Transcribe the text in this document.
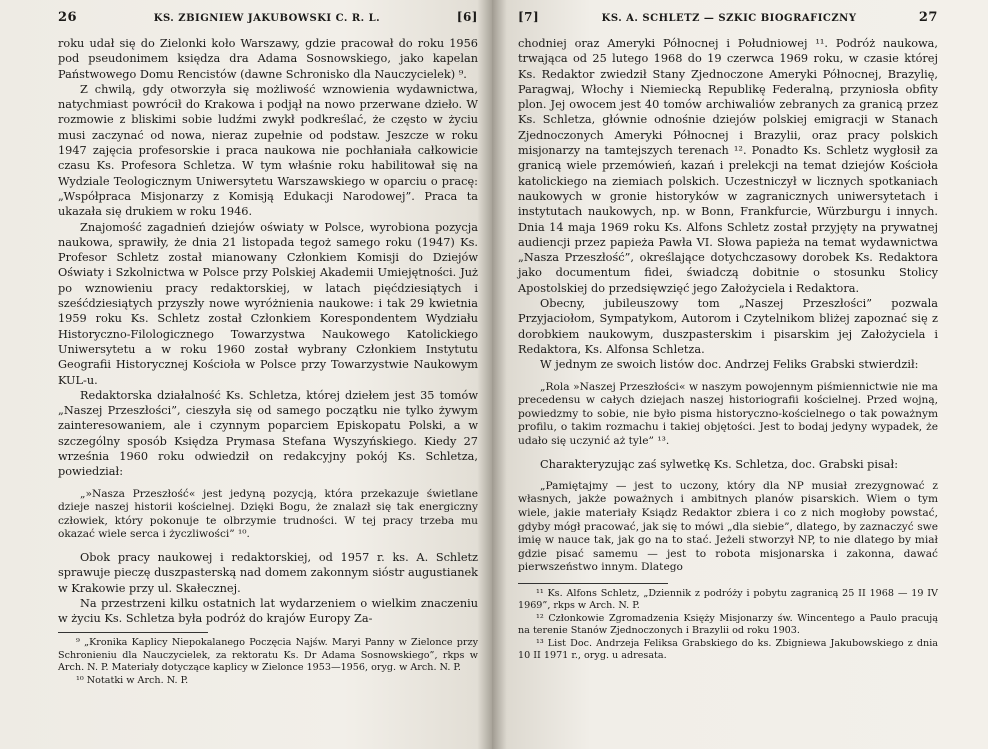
26	KS. ZBIGNIEW JAKUBOWSKI C. R. L.	[6]

roku udał się do Zielonki koło Warszawy, gdzie pracował do roku 1956 pod pseudonimem księdza dra Adama Sosnowskiego, jako kapelan Państwowego Domu Rencistów (dawne Schronisko dla Nauczycielek) ⁹.

Z chwilą, gdy otworzyła się możliwość wznowienia wydawnictwa, natychmiast powrócił do Krakowa i podjął na nowo przerwane dzieło. W rozmowie z bliskimi sobie ludźmi zwykł podkreślać, że często w życiu musi zaczynać od nowa, nieraz zupełnie od podstaw. Jeszcze w roku 1947 zajęcia profesorskie i praca naukowa nie pochłaniała całkowicie czasu Ks. Profesora Schletza. W tym właśnie roku habilitował się na Wydziale Teologicznym Uniwersytetu Warszawskiego w oparciu o pracę: „Współpraca Misjonarzy z Komisją Edukacji Narodowej”. Praca ta ukazała się drukiem w roku 1946.

Znajomość zagadnień dziejów oświaty w Polsce, wyrobiona pozycja naukowa, sprawiły, że dnia 21 listopada tegoż samego roku (1947) Ks. Profesor Schletz został mianowany Członkiem Komisji do Dziejów Oświaty i Szkolnictwa w Polsce przy Polskiej Akademii Umiejętności. Już po wznowieniu pracy redaktorskiej, w latach pięćdziesiątych i sześćdziesiątych przyszły nowe wyróżnienia naukowe: i tak 29 kwietnia 1959 roku Ks. Schletz został Członkiem Korespondentem Wydziału Historyczno-Filologicznego Towarzystwa Naukowego Katolickiego Uniwersytetu a w roku 1960 został wybrany Członkiem Instytutu Geografii Historycznej Kościoła w Polsce przy Towarzystwie Naukowym KUL-u.

Redaktorska działalność Ks. Schletza, której dziełem jest 35 tomów „Naszej Przeszłości”, cieszyła się od samego początku nie tylko żywym zainteresowaniem, ale i czynnym poparciem Episkopatu Polski, a w szczególny sposób Księdza Prymasa Stefana Wyszyńskiego. Kiedy 27 września 1960 roku odwiedził on redakcyjny pokój Ks. Schletza, powiedział:

„»Nasza Przeszłość« jest jedyną pozycją, która przekazuje świetlane dzieje naszej historii kościelnej. Dzięki Bogu, że znalazł się tak energiczny człowiek, który pokonuje te olbrzymie trudności. W tej pracy trzeba mu okazać wiele serca i życzliwości” ¹⁰.

Obok pracy naukowej i redaktorskiej, od 1957 r. ks. A. Schletz sprawuje pieczę duszpasterską nad domem zakonnym sióstr augustianek w Krakowie przy ul. Skałecznej.

Na przestrzeni kilku ostatnich lat wydarzeniem o wielkim znaczeniu w życiu Ks. Schletza była podróż do krajów Europy Za-

⁹ „Kronika Kaplicy Niepokalanego Poczęcia Najśw. Maryi Panny w Zielonce przy Schronieniu dla Nauczycielek, za rektoratu Ks. Dr Adama Sosnowskiego”, rkps w Arch. N. P. Materiały dotyczące kaplicy w Zielonce 1953—1956, oryg. w Arch. N. P.

¹⁰ Notatki w Arch. N. P.

[7]	KS. A. SCHLETZ — SZKIC BIOGRAFICZNY	27

chodniej oraz Ameryki Północnej i Południowej ¹¹. Podróż naukowa, trwająca od 25 lutego 1968 do 19 czerwca 1969 roku, w czasie której Ks. Redaktor zwiedził Stany Zjednoczone Ameryki Północnej, Brazylię, Paragwaj, Włochy i Niemiecką Republikę Federalną, przyniosła obfity plon. Jej owocem jest 40 tomów archiwaliów zebranych za granicą przez Ks. Schletza, głównie odnośnie dziejów polskiej emigracji w Stanach Zjednoczonych Ameryki Północnej i Brazylii, oraz pracy polskich misjonarzy na tamtejszych terenach ¹². Ponadto Ks. Schletz wygłosił za granicą wiele przemówień, kazań i prelekcji na temat dziejów Kościoła katolickiego na ziemiach polskich. Uczestniczył w licznych spotkaniach naukowych w gronie historyków w zagranicznych uniwersytetach i instytutach naukowych, np. w Bonn, Frankfurcie, Würzburgu i innych. Dnia 14 maja 1969 roku Ks. Alfons Schletz został przyjęty na prywatnej audiencji przez papieża Pawła VI. Słowa papieża na temat wydawnictwa „Nasza Przeszłość”, określające dotychczasowy dorobek Ks. Redaktora jako documentum fidei, świadczą dobitnie o stosunku Stolicy Apostolskiej do przedsięwzięć jego Założyciela i Redaktora.

Obecny, jubileuszowy tom „Naszej Przeszłości” pozwala Przyjaciołom, Sympatykom, Autorom i Czytelnikom bliżej zapoznać się z dorobkiem naukowym, duszpasterskim i pisarskim jej Założyciela i Redaktora, Ks. Alfonsa Schletza.

W jednym ze swoich listów doc. Andrzej Feliks Grabski stwierdził:

„Rola »Naszej Przeszłości« w naszym powojennym piśmiennictwie nie ma precedensu w całych dziejach naszej historiografii kościelnej. Przed wojną, powiedzmy to sobie, nie było pisma historyczno-kościelnego o tak poważnym profilu, o takim rozmachu i takiej objętości. Jest to bodaj jedyny wypadek, że udało się uczynić aż tyle” ¹³.

Charakteryzując zaś sylwetkę Ks. Schletza, doc. Grabski pisał:

„Pamiętajmy — jest to uczony, który dla NP musiał zrezygnować z własnych, jakże poważnych i ambitnych planów pisarskich. Wiem o tym wiele, jakie materiały Ksiądz Redaktor zbiera i co z nich mogłoby powstać, gdyby mógł pracować, jak się to mówi „dla siebie”, dlatego, by zaznaczyć swe imię w nauce tak, jak go na to stać. Jeżeli stworzył NP, to nie dlatego by miał gdzie pisać samemu — jest to robota misjonarska i zakonna, dawać pierwszeństwo innym. Dlatego

¹¹ Ks. Alfons Schletz, „Dziennik z podróży i pobytu zagranicą 25 II 1968 — 19 IV 1969”, rkps w Arch. N. P.

¹² Członkowie Zgromadzenia Księży Misjonarzy św. Wincentego a Paulo pracują na terenie Stanów Zjednoczonych i Brazylii od roku 1903.

¹³ List Doc. Andrzeja Feliksa Grabskiego do ks. Zbigniewa Jakubowskiego z dnia 10 II 1971 r., oryg. u adresata.
